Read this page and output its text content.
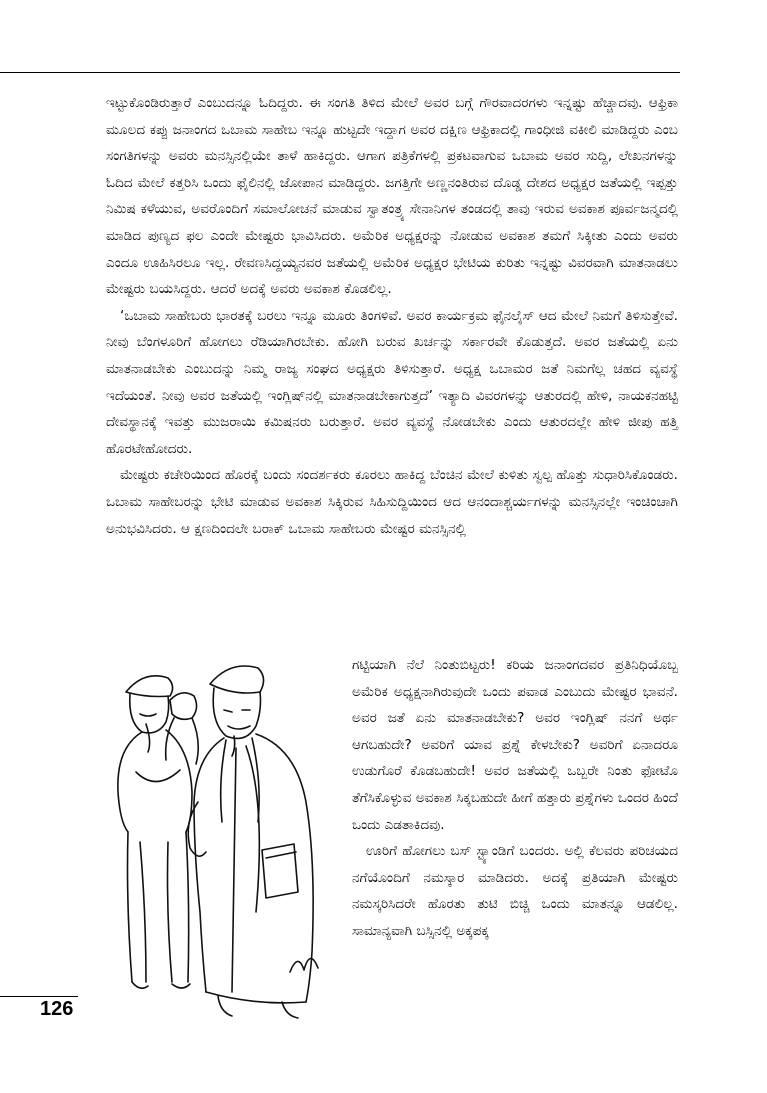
ಇಟ್ಟುಕೊಂಡಿರುತ್ತಾರೆ ಎಂಬುದನ್ನೂ ಓದಿದ್ದರು. ಈ ಸಂಗತಿ ತಿಳಿದ ಮೇಲೆ ಅವರ ಬಗ್ಗೆ ಗೌರವಾದರಗಳು ಇನ್ನಷ್ಟು ಹೆಚ್ಚಾದವು. ಆಫ್ರಿಕಾ ಮೂಲದ ಕಪ್ಪು ಜನಾಂಗದ ಒಬಾಮ ಸಾಹೇಬ ಇನ್ನೂ ಹುಟ್ಟದೇ ಇದ್ದಾಗ ಅವರ ದಕ್ಷಿಣ ಆಫ್ರಿಕಾದಲ್ಲಿ ಗಾಂಧೀಜಿ ವಕೀಲಿ ಮಾಡಿದ್ದರು ಎಂಬ ಸಂಗತಿಗಳನ್ನು ಅವರು ಮನಸ್ಸಿನಲ್ಲಿಯೇ ತಾಳೆ ಹಾಕಿದ್ದರು. ಆಗಾಗ ಪತ್ರಿಕೆಗಳಲ್ಲಿ ಪ್ರಕಟವಾಗುವ ಒಬಾಮ ಅವರ ಸುದ್ದಿ, ಲೇಖನಗಳನ್ನು ಓದಿದ ಮೇಲೆ ಕತ್ತರಿಸಿ ಒಂದು ಫೈಲಿನಲ್ಲಿ ಜೋಪಾನ ಮಾಡಿದ್ದರು. ಜಗತ್ತಿಗೇ ಅಣ್ಣನಂತಿರುವ ದೊಡ್ಡ ದೇಶದ ಅಧ್ಯಕ್ಷರ ಜತೆಯಲ್ಲಿ ಇಪ್ಪತ್ತು ನಿಮಿಷ ಕಳೆಯುವ, ಅವರೊಂದಿಗೆ ಸಮಾಲೋಚನೆ ಮಾಡುವ ಸ್ವಾತಂತ್ರ್ಯ ಸೇನಾನಿಗಳ ತಂಡದಲ್ಲಿ ತಾವು ಇರುವ ಅವಕಾಶ ಪೂರ್ವಜನ್ಮದಲ್ಲಿ ಮಾಡಿದ ಪುಣ್ಯದ ಫಲ ಎಂದೇ ಮೇಷ್ಟರು ಭಾವಿಸಿದರು. ಅಮೆರಿಕ ಅಧ್ಯಕ್ಷರನ್ನು ನೋಡುವ ಅವಕಾಶ ತಮಗೆ ಸಿಕ್ಕೀತು ಎಂದು ಅವರು ಎಂದೂ ಊಹಿಸಿರಲೂ ಇಲ್ಲ. ರೇವಣಸಿದ್ದಯ್ಯನವರ ಜತೆಯಲ್ಲಿ ಅಮೆರಿಕ ಅಧ್ಯಕ್ಷರ ಭೇಟಿಯ ಕುರಿತು ಇನ್ನಷ್ಟು ವಿವರವಾಗಿ ಮಾತನಾಡಲು ಮೇಷ್ಟರು ಬಯಸಿದ್ದರು. ಆದರೆ ಅದಕ್ಕೆ ಅವರು ಅವಕಾಶ ಕೊಡಲಿಲ್ಲ.

‘ಒಬಾಮ ಸಾಹೇಬರು ಭಾರತಕ್ಕೆ ಬರಲು ಇನ್ನೂ ಮೂರು ತಿಂಗಳಿವೆ. ಅವರ ಕಾರ್ಯಕ್ರಮ ಫೈನಲೈಸ್ ಆದ ಮೇಲೆ ನಿಮಗೆ ತಿಳಿಸುತ್ತೇವೆ. ನೀವು ಬೆಂಗಳೂರಿಗೆ ಹೋಗಲು ರೆಡಿಯಾಗಿರಬೇಕು. ಹೋಗಿ ಬರುವ ಖರ್ಚನ್ನು ಸರ್ಕಾರವೇ ಕೊಡುತ್ತದೆ. ಅವರ ಜತೆಯಲ್ಲಿ ಏನು ಮಾತನಾಡಬೇಕು ಎಂಬುದನ್ನು ನಿಮ್ಮ ರಾಜ್ಯ ಸಂಘದ ಅಧ್ಯಕ್ಷರು ತಿಳಿಸುತ್ತಾರೆ. ಅಧ್ಯಕ್ಷ ಒಬಾಮರ ಜತೆ ನಿಮಗೆಲ್ಲ ಚಹದ ವ್ಯವಸ್ಥೆ ಇದೆಯಂತೆ. ನೀವು ಅವರ ಜತೆಯಲ್ಲಿ ಇಂಗ್ಲಿಷ್‌ನಲ್ಲಿ ಮಾತನಾಡಬೇಕಾಗುತ್ತದೆ’ ಇತ್ಯಾದಿ ವಿವರಗಳನ್ನು ಆತುರದಲ್ಲಿ ಹೇಳಿ, ನಾಯಕನಹಟ್ಟಿ ದೇವಸ್ಥಾನಕ್ಕೆ ಇವತ್ತು ಮುಜರಾಯಿ ಕಮಿಷನರು ಬರುತ್ತಾರೆ. ಅವರ ವ್ಯವಸ್ಥೆ ನೋಡಬೇಕು ಎಂದು ಆತುರದಲ್ಲೇ ಹೇಳಿ ಜೀಪು ಹತ್ತಿ ಹೊರಟೇಹೋದರು.

ಮೇಷ್ಟರು ಕಚೇರಿಯಿಂದ ಹೊರಕ್ಕೆ ಬಂದು ಸಂದರ್ಶಕರು ಕೂರಲು ಹಾಕಿದ್ದ ಬೆಂಚಿನ ಮೇಲೆ ಕುಳಿತು ಸ್ವಲ್ಪ ಹೊತ್ತು ಸುಧಾರಿಸಿಕೊಂಡರು. ಒಬಾಮ ಸಾಹೇಬರನ್ನು ಭೇಟಿ ಮಾಡುವ ಅವಕಾಶ ಸಿಕ್ಕಿರುವ ಸಿಹಿಸುದ್ದಿಯಿಂದ ಆದ ಆನಂದಾಶ್ಚರ್ಯಗಳನ್ನು ಮನಸ್ಸಿನಲ್ಲೇ ಇಂಚಿಂಚಾಗಿ ಅನುಭವಿಸಿದರು. ಆ ಕ್ಷಣದಿಂದಲೇ ಬರಾಕ್ ಒಬಾಮ ಸಾಹೇಬರು ಮೇಷ್ಟರ ಮನಸ್ಸಿನಲ್ಲಿ

ಗಟ್ಟಿಯಾಗಿ ನೆಲೆ ನಿಂತುಬಿಟ್ಟರು! ಕರಿಯ ಜನಾಂಗದವರ ಪ್ರತಿನಿಧಿಯೊಬ್ಬ ಅಮೆರಿಕ ಅಧ್ಯಕ್ಷನಾಗಿರುವುದೇ ಒಂದು ಪವಾಡ ಎಂಬುದು ಮೇಷ್ಟರ ಭಾವನೆ. ಅವರ ಜತೆ ಏನು ಮಾತನಾಡಬೇಕು? ಅವರ ಇಂಗ್ಲಿಷ್ ನನಗೆ ಅರ್ಥ ಆಗಬಹುದೇ? ಅವರಿಗೆ ಯಾವ ಪ್ರಶ್ನೆ ಕೇಳಬೇಕು? ಅವರಿಗೆ ಏನಾದರೂ ಉಡುಗೊರೆ ಕೊಡಬಹುದೇ! ಅವರ ಜತೆಯಲ್ಲಿ ಒಬ್ಬರೇ ನಿಂತು ಫೋಟೊ ತೆಗೆಸಿಕೊಳ್ಳುವ ಅವಕಾಶ ಸಿಕ್ಕಬಹುದೇ ಹೀಗೆ ಹತ್ತಾರು ಪ್ರಶ್ನೆಗಳು ಒಂದರ ಹಿಂದೆ ಒಂದು ಎಡತಾಕಿದವು.

ಊರಿಗೆ ಹೋಗಲು ಬಸ್ ಸ್ಟ್ಯಾಂಡಿಗೆ ಬಂದರು. ಅಲ್ಲಿ ಕೆಲವರು ಪರಿಚಯದ ನಗೆಯೊಂದಿಗೆ ನಮಸ್ಕಾರ ಮಾಡಿದರು. ಅದಕ್ಕೆ ಪ್ರತಿಯಾಗಿ ಮೇಷ್ಟರು ನಮಸ್ಕರಿಸಿದರೇ ಹೊರತು ತುಟಿ ಬಿಚ್ಚಿ ಒಂದು ಮಾತನ್ನೂ ಆಡಲಿಲ್ಲ. ಸಾಮಾನ್ಯವಾಗಿ ಬಸ್ಸಿನಲ್ಲಿ ಅಕ್ಕಪಕ್ಕ

126
